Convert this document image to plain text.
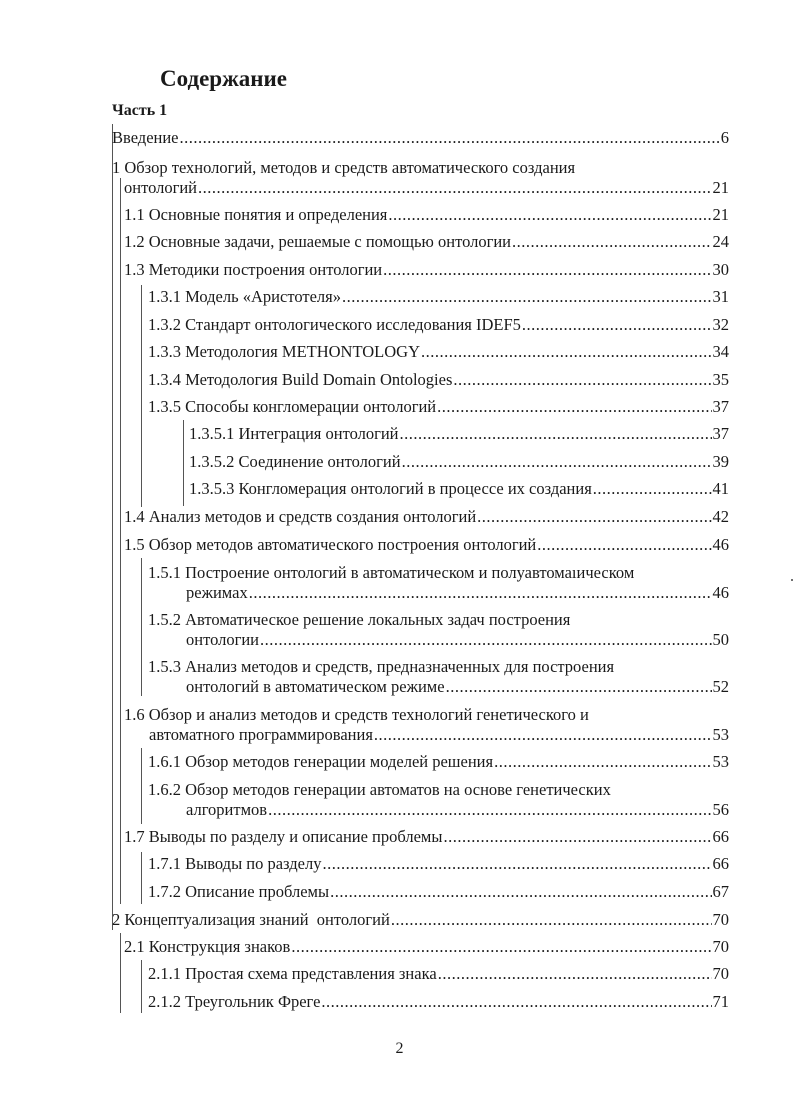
Содержание
Часть 1
Введение .....	6
1 Обзор технологий, методов и средств автоматического создания
онтологий .....	21
1.1 Основные понятия и определения .....	21
1.2 Основные задачи, решаемые с помощью онтологии .....	24
1.3 Методики построения онтологии .....	30
1.3.1 Модель «Аристотеля» .....	31
1.3.2 Стандарт онтологического исследования IDEF5 .....	32
1.3.3 Методология METHONTOLOGY .....	34
1.3.4 Методология Build Domain Ontologies .....	35
1.3.5 Способы конгломерации онтологий .....	37
1.3.5.1 Интеграция онтологий .....	37
1.3.5.2 Соединение онтологий .....	39
1.3.5.3 Конгломерация онтологий в процессе их создания .....	41
1.4 Анализ методов и средств создания онтологий .....	42
1.5 Обзор методов автоматического построения онтологий .....	46
1.5.1 Построение онтологий в автоматическом и полуавтомаıическом
режимах .....	46
1.5.2 Автоматическое решение локальных задач построения
онтологии .....	50
1.5.3 Анализ методов и средств, предназначенных для построения
онтологий в автоматическом режиме .....	52
1.6 Обзор и анализ методов и средств технологий генетического и
автоматного программирования .....	53
1.6.1 Обзор методов генерации моделей решения .....	53
1.6.2 Обзор методов генерации автоматов на основе генетических
алгоритмов .....	56
1.7 Выводы по разделу и описание проблемы .....	66
1.7.1 Выводы по разделу .....	66
1.7.2 Описание проблемы .....	67
2 Концептуализация знаний  онтологий .....	70
2.1 Конструкция знаков .....	70
2.1.1 Простая схема представления знака .....	70
2.1.2 Треугольник Фреге .....	71
2
